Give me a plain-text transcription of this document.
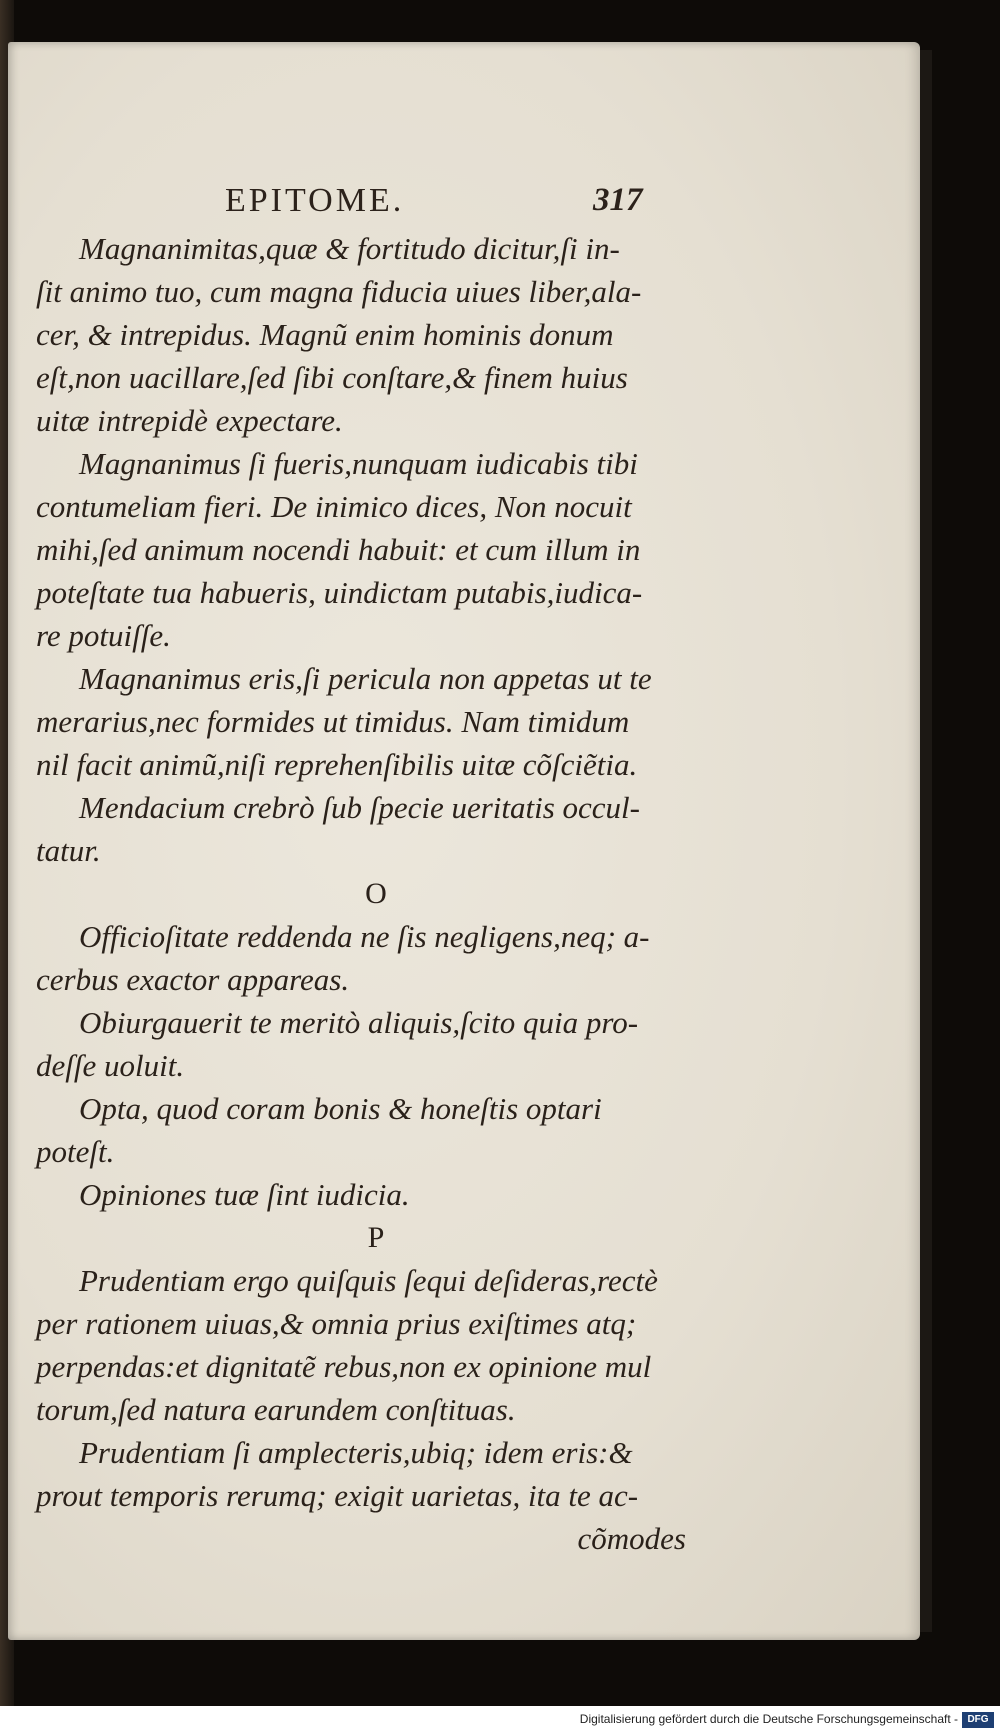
EPITOME.	317
Magnanimitas,quæ & fortitudo dicitur,ſi in-
ſit animo tuo, cum magna fiducia uiues liber,ala-
cer, & intrepidus. Magnũ enim hominis donum
eſt,non uacillare,ſed ſibi conſtare,& finem huius
uitæ intrepidè expectare.
Magnanimus ſi fueris,nunquam iudicabis tibi
contumeliam fieri. De inimico dices, Non nocuit
mihi,ſed animum nocendi habuit: et cum illum in
poteſtate tua habueris, uindictam putabis,iudica-
re potuiſſe.
Magnanimus eris,ſi pericula non appetas ut te
merarius,nec formides ut timidus. Nam timidum
nil facit animũ,niſi reprehenſibilis uitæ cõſciẽtia.
Mendacium crebrò ſub ſpecie ueritatis occul-
tatur.
O
Officioſitate reddenda ne ſis negligens,neq; a-
cerbus exactor appareas.
Obiurgauerit te meritò aliquis,ſcito quia pro-
deſſe uoluit.
Opta, quod coram bonis & honeſtis optari
poteſt.
Opiniones tuæ ſint iudicia.
P
Prudentiam ergo quiſquis ſequi deſideras,rectè
per rationem uiuas,& omnia prius exiſtimes atq;
perpendas:et dignitatẽ rebus,non ex opinione mul
torum,ſed natura earundem conſtituas.
Prudentiam ſi amplecteris,ubiq; idem eris:&
prout temporis rerumq; exigit uarietas, ita te ac-
cõmodes
Digitalisierung gefördert durch die Deutsche Forschungsgemeinschaft - DFG
